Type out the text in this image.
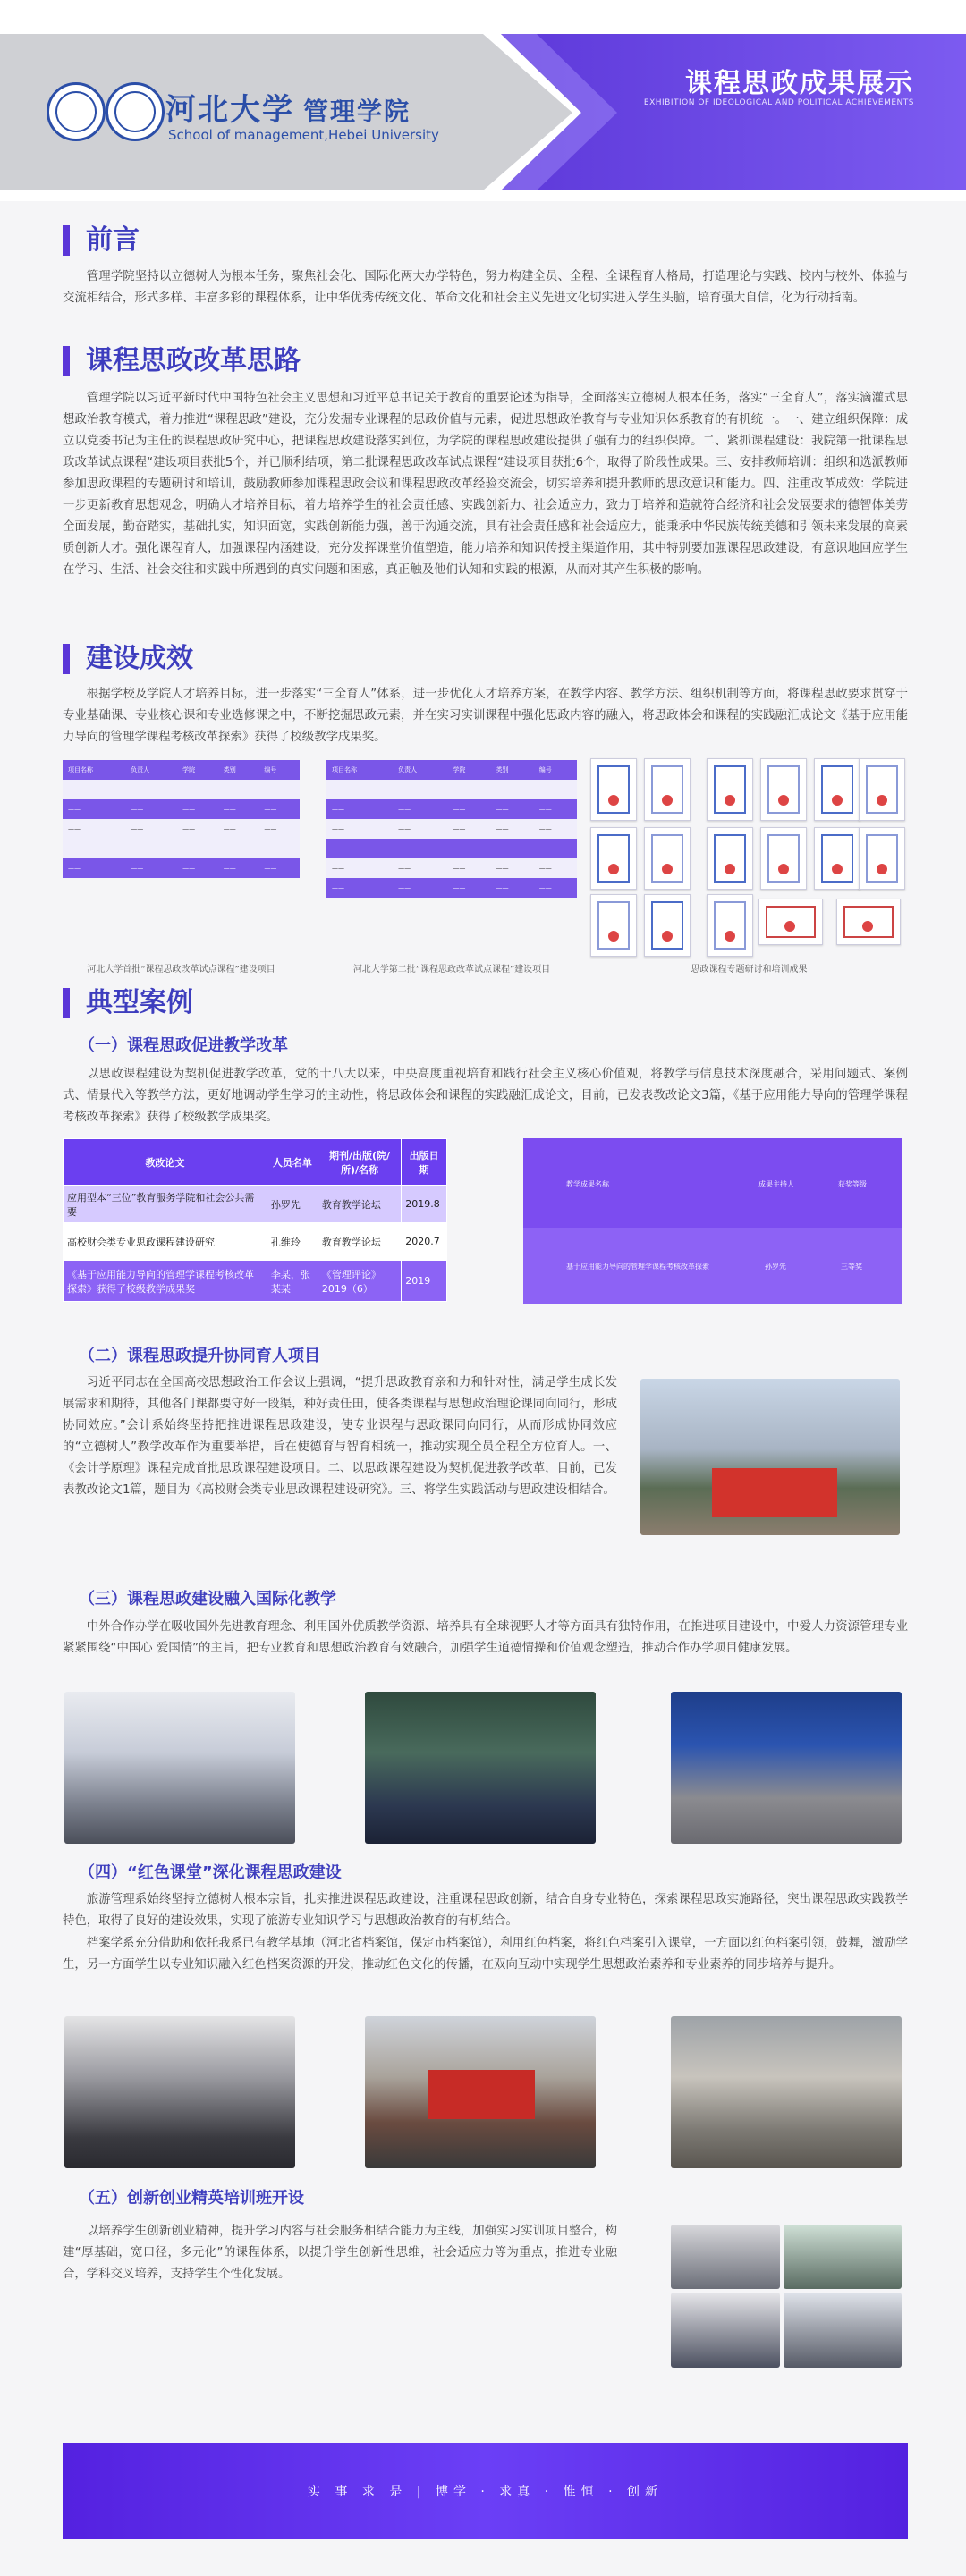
河北大学 管理学院
School of management,Hebei University
课程思政成果展示
EXHIBITION OF IDEOLOGICAL AND POLITICAL ACHIEVEMENTS
前言

管理学院坚持以立德树人为根本任务，聚焦社会化、国际化两大办学特色，努力构建全员、全程、全课程育人格局，打造理论与实践、校内与校外、体验与交流相结合，形式多样、丰富多彩的课程体系，让中华优秀传统文化、革命文化和社会主义先进文化切实进入学生头脑，培育强大自信，化为行动指南。

课程思政改革思路

管理学院以习近平新时代中国特色社会主义思想和习近平总书记关于教育的重要论述为指导，全面落实立德树人根本任务，落实“三全育人”，落实滴灌式思想政治教育模式，着力推进“课程思政”建设，充分发掘专业课程的思政价值与元素，促进思想政治教育与专业知识体系教育的有机统一。一、建立组织保障：成立以党委书记为主任的课程思政研究中心，把课程思政建设落实到位，为学院的课程思政建设提供了强有力的组织保障。二、紧抓课程建设：我院第一批课程思政改革试点课程“建设项目获批5个，并已顺利结项，第二批课程思政改革试点课程“建设项目获批6个，取得了阶段性成果。三、安排教师培训：组织和选派教师参加思政课程的专题研讨和培训，鼓励教师参加课程思政会议和课程思政改革经验交流会，切实培养和提升教师的思政意识和能力。四、注重改革成效：学院进一步更新教育思想观念，明确人才培养目标，着力培养学生的社会责任感、实践创新力、社会适应力，致力于培养和造就符合经济和社会发展要求的德智体美劳全面发展，勤奋踏实，基础扎实，知识面宽，实践创新能力强，善于沟通交流，具有社会责任感和社会适应力，能秉承中华民族传统美德和引领未来发展的高素质创新人才。强化课程育人，加强课程内涵建设，充分发挥课堂价值塑造，能力培养和知识传授主渠道作用，其中特别要加强课程思政建设，有意识地回应学生在学习、生活、社会交往和实践中所遇到的真实问题和困惑，真正触及他们认知和实践的根源，从而对其产生积极的影响。

建设成效

根据学校及学院人才培养目标，进一步落实“三全育人”体系，进一步优化人才培养方案，在教学内容、教学方法、组织机制等方面，将课程思政要求贯穿于专业基础课、专业核心课和专业选修课之中，不断挖掘思政元素，并在实习实训课程中强化思政内容的融入，将思政体会和课程的实践融汇成论文《基于应用能力导向的管理学课程考核改革探索》获得了校级教学成果奖。

项目名称	负责人	学院	类别	编号
——	——	——	——	——
——	——	——	——	——
——	——	——	——	——
——	——	——	——	——
——	——	——	——	——
项目名称	负责人	学院	类别	编号
——	——	——	——	——
——	——	——	——	——
——	——	——	——	——
——	——	——	——	——
——	——	——	——	——
——	——	——	——	——
河北大学首批“课程思政改革试点课程”建设项目	河北大学第二批“课程思政改革试点课程”建设项目	思政课程专题研讨和培训成果
典型案例
（一）课程思政促进教学改革

以思政课程建设为契机促进教学改革，党的十八大以来，中央高度重视培育和践行社会主义核心价值观，将教学与信息技术深度融合，采用问题式、案例式、情景代入等教学方法，更好地调动学生学习的主动性，将思政体会和课程的实践融汇成论文，目前，已发表教改论文3篇，《基于应用能力导向的管理学课程考核改革探索》获得了校级教学成果奖。

教改论文	人员名单	期刊/出版(院/所)/名称	出版日期
应用型本“三位”教育服务学院和社会公共需要	孙罗先	教育教学论坛	2019.8
高校财会类专业思政课程建设研究	孔维玲	教育教学论坛	2020.7
《基于应用能力导向的管理学课程考核改革探索》获得了校级教学成果奖	李某，张某某	《管理评论》2019（6）	2019
教学成果名称	成果主持人	获奖等级
基于应用能力导向的管理学课程考核改革探索	孙罗先	三等奖
（二）课程思政提升协同育人项目

习近平同志在全国高校思想政治工作会议上强调，“提升思政教育亲和力和针对性，满足学生成长发展需求和期待，其他各门课都要守好一段渠，种好责任田，使各类课程与思想政治理论课同向同行，形成协同效应。”会计系始终坚持把推进课程思政建设，使专业课程与思政课同向同行，从而形成协同效应的“立德树人”教学改革作为重要举措，旨在使德育与智育相统一，推动实现全员全程全方位育人。一、《会计学原理》课程完成首批思政课程建设项目。二、以思政课程建设为契机促进教学改革，目前，已发表教改论文1篇，题目为《高校财会类专业思政课程建设研究》。三、将学生实践活动与思政建设相结合。

（三）课程思政建设融入国际化教学

中外合作办学在吸收国外先进教育理念、利用国外优质教学资源、培养具有全球视野人才等方面具有独特作用，在推进项目建设中，中爱人力资源管理专业紧紧围绕“中国心 爱国情”的主旨，把专业教育和思想政治教育有效融合，加强学生道德情操和价值观念塑造，推动合作办学项目健康发展。

（四）“红色课堂”深化课程思政建设

旅游管理系始终坚持立德树人根本宗旨，扎实推进课程思政建设，注重课程思政创新，结合自身专业特色，探索课程思政实施路径，突出课程思政实践教学特色，取得了良好的建设效果，实现了旅游专业知识学习与思想政治教育的有机结合。

档案学系充分借助和依托我系已有教学基地（河北省档案馆，保定市档案馆），利用红色档案，将红色档案引入课堂，一方面以红色档案引领，鼓舞，激励学生，另一方面学生以专业知识融入红色档案资源的开发，推动红色文化的传播，在双向互动中实现学生思想政治素养和专业素养的同步培养与提升。

（五）创新创业精英培训班开设

以培养学生创新创业精神，提升学习内容与社会服务相结合能力为主线，加强实习实训项目整合，构建“厚基础，宽口径，多元化”的课程体系，以提升学生创新性思维，社会适应力等为重点，推进专业融合，学科交叉培养，支持学生个性化发展。

实 事 求 是 | 博学 · 求真 · 惟恒 · 创新
